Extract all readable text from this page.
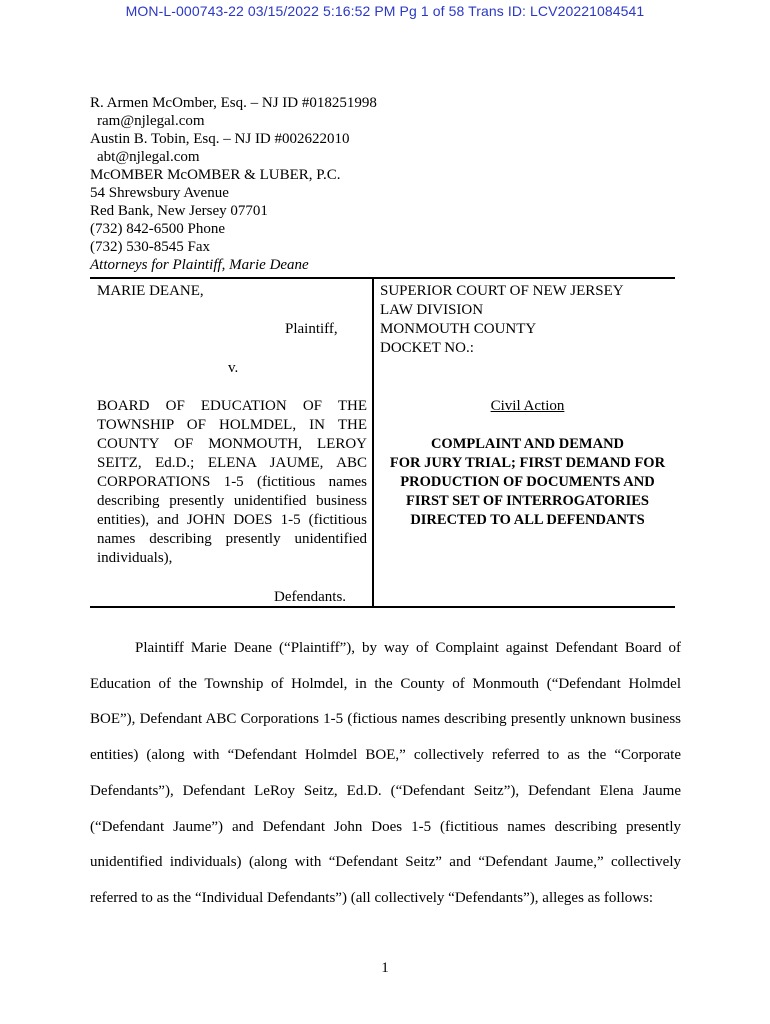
MON-L-000743-22 03/15/2022 5:16:52 PM Pg 1 of 58 Trans ID: LCV20221084541
R. Armen McOmber, Esq. – NJ ID #018251998
ram@njlegal.com
Austin B. Tobin, Esq. – NJ ID #002622010
abt@njlegal.com
McOMBER McOMBER & LUBER, P.C.
54 Shrewsbury Avenue
Red Bank, New Jersey 07701
(732) 842-6500 Phone
(732) 530-8545 Fax
Attorneys for Plaintiff, Marie Deane
MARIE DEANE,
Plaintiff,
v.
BOARD OF EDUCATION OF THE TOWNSHIP OF HOLMDEL, IN THE COUNTY OF MONMOUTH, LEROY SEITZ, Ed.D.; ELENA JAUME, ABC CORPORATIONS 1-5 (fictitious names describing presently unidentified business entities), and JOHN DOES 1-5 (fictitious names describing presently unidentified individuals),
Defendants.
SUPERIOR COURT OF NEW JERSEY
LAW DIVISION
MONMOUTH COUNTY
DOCKET NO.:
Civil Action
COMPLAINT AND DEMAND
FOR JURY TRIAL; FIRST DEMAND FOR
PRODUCTION OF DOCUMENTS AND
FIRST SET OF INTERROGATORIES
DIRECTED TO ALL DEFENDANTS
Plaintiff Marie Deane (“Plaintiff”), by way of Complaint against Defendant Board of Education of the Township of Holmdel, in the County of Monmouth (“Defendant Holmdel BOE”), Defendant ABC Corporations 1-5 (fictious names describing presently unknown business entities) (along with “Defendant Holmdel BOE,” collectively referred to as the “Corporate Defendants”), Defendant LeRoy Seitz, Ed.D. (“Defendant Seitz”), Defendant Elena Jaume (“Defendant Jaume”) and Defendant John Does 1-5 (fictitious names describing presently unidentified individuals) (along with “Defendant Seitz” and “Defendant Jaume,” collectively referred to as the “Individual Defendants”) (all collectively “Defendants”), alleges as follows:
1
